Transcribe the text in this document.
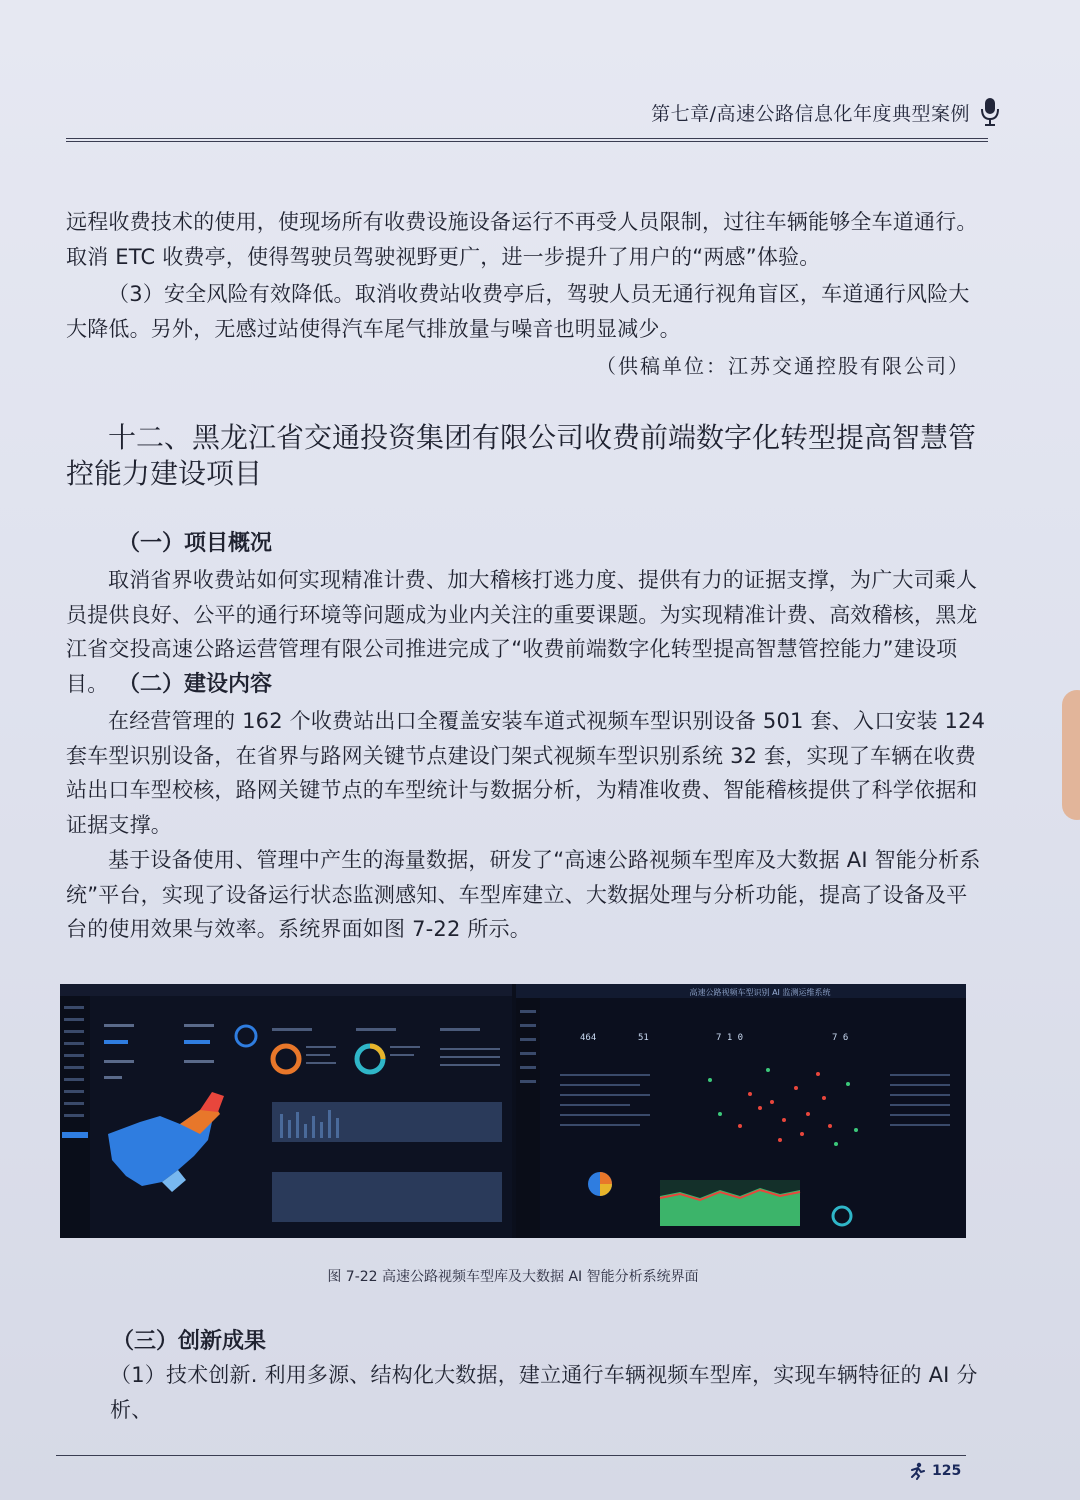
第七章/高速公路信息化年度典型案例

远程收费技术的使用，使现场所有收费设施设备运行不再受人员限制，过往车辆能够全车道通行。取消 ETC 收费亭，使得驾驶员驾驶视野更广，进一步提升了用户的“两感”体验。

（3）安全风险有效降低。取消收费站收费亭后，驾驶人员无通行视角盲区，车道通行风险大大降低。另外，无感过站使得汽车尾气排放量与噪音也明显减少。

（供稿单位：江苏交通控股有限公司）
十二、黑龙江省交通投资集团有限公司收费前端数字化转型提高智慧管控能力建设项目
（一）项目概况

取消省界收费站如何实现精准计费、加大稽核打逃力度、提供有力的证据支撑，为广大司乘人员提供良好、公平的通行环境等问题成为业内关注的重要课题。为实现精准计费、高效稽核，黑龙江省交投高速公路运营管理有限公司推进完成了“收费前端数字化转型提高智慧管控能力”建设项目。 （二）建设内容

在经营管理的 162 个收费站出口全覆盖安装车道式视频车型识别设备 501 套、入口安装 124 套车型识别设备，在省界与路网关键节点建设门架式视频车型识别系统 32 套，实现了车辆在收费站出口车型校核，路网关键节点的车型统计与数据分析，为精准收费、智能稽核提供了科学依据和证据支撑。

基于设备使用、管理中产生的海量数据，研发了“高速公路视频车型库及大数据 AI 智能分析系统”平台，实现了设备运行状态监测感知、车型库建立、大数据处理与分析功能，提高了设备及平台的使用效果与效率。系统界面如图 7-22 所示。

高速公路视频车型识别 AI 监测运维系统
464	51	7 1 0	7 6
图 7-22 高速公路视频车型库及大数据 AI 智能分析系统界面
（三）创新成果

（1）技术创新. 利用多源、结构化大数据，建立通行车辆视频车型库，实现车辆特征的 AI 分析、

125
